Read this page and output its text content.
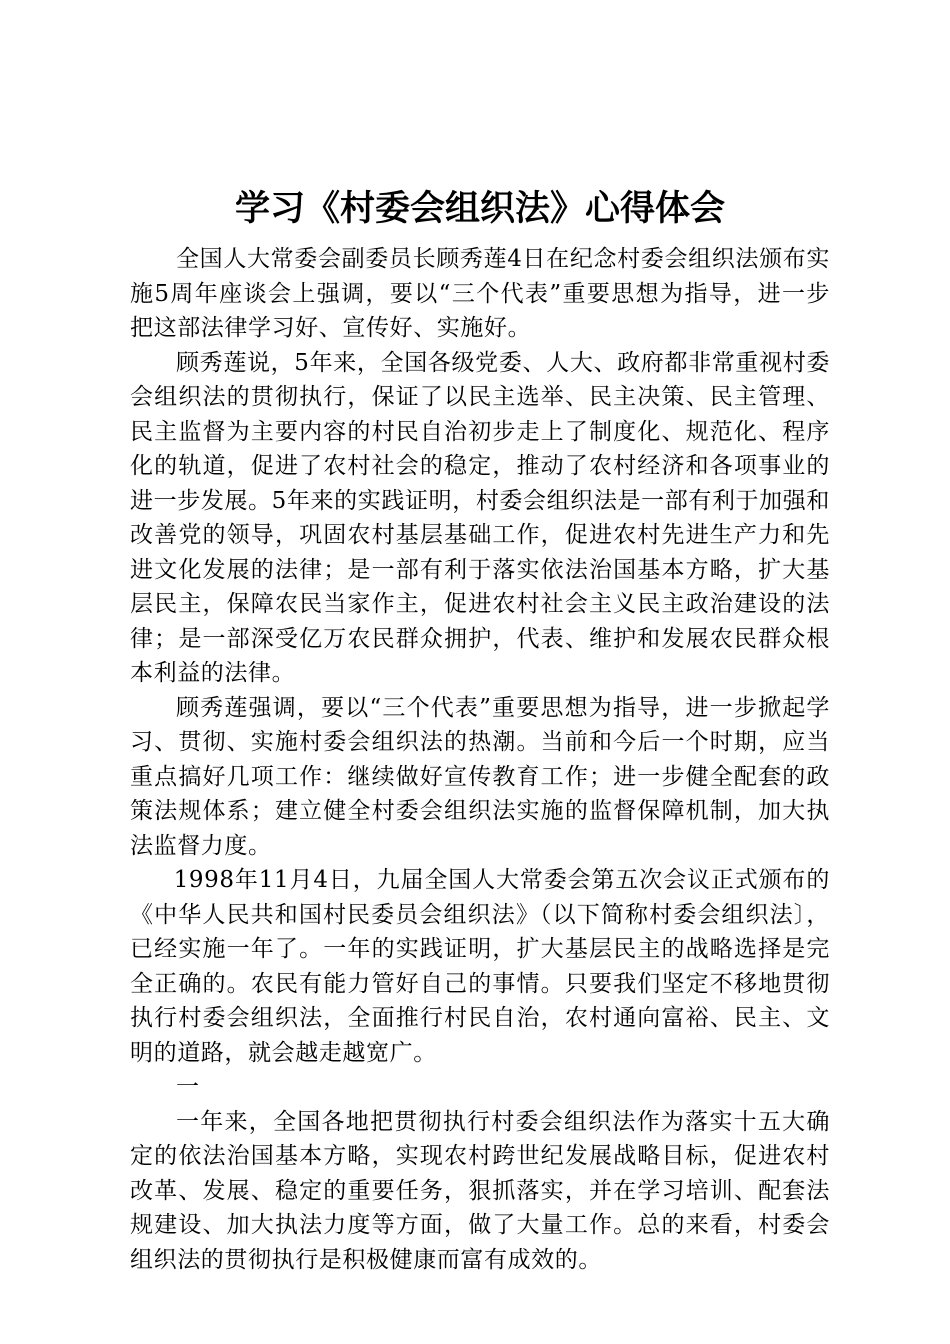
学习《村委会组织法》心得体会

全国人大常委会副委员长顾秀莲4日在纪念村委会组织法颁布实施5周年座谈会上强调，要以“三个代表”重要思想为指导，进一步把这部法律学习好、宣传好、实施好。

顾秀莲说，5年来，全国各级党委、人大、政府都非常重视村委会组织法的贯彻执行，保证了以民主选举、民主决策、民主管理、民主监督为主要内容的村民自治初步走上了制度化、规范化、程序化的轨道，促进了农村社会的稳定，推动了农村经济和各项事业的进一步发展。5年来的实践证明，村委会组织法是一部有利于加强和改善党的领导，巩固农村基层基础工作，促进农村先进生产力和先进文化发展的法律；是一部有利于落实依法治国基本方略，扩大基层民主，保障农民当家作主，促进农村社会主义民主政治建设的法律；是一部深受亿万农民群众拥护，代表、维护和发展农民群众根本利益的法律。

顾秀莲强调，要以“三个代表”重要思想为指导，进一步掀起学习、贯彻、实施村委会组织法的热潮。当前和今后一个时期，应当重点搞好几项工作：继续做好宣传教育工作；进一步健全配套的政策法规体系；建立健全村委会组织法实施的监督保障机制，加大执法监督力度。

1998年11月4日，九届全国人大常委会第五次会议正式颁布的《中华人民共和国村民委员会组织法》（以下简称村委会组织法〕，已经实施一年了。一年的实践证明，扩大基层民主的战略选择是完全正确的。农民有能力管好自己的事情。只要我们坚定不移地贯彻执行村委会组织法，全面推行村民自治，农村通向富裕、民主、文明的道路，就会越走越宽广。

一

一年来，全国各地把贯彻执行村委会组织法作为落实十五大确定的依法治国基本方略，实现农村跨世纪发展战略目标，促进农村改革、发展、稳定的重要任务，狠抓落实，并在学习培训、配套法规建设、加大执法力度等方面，做了大量工作。总的来看，村委会组织法的贯彻执行是积极健康而富有成效的。
